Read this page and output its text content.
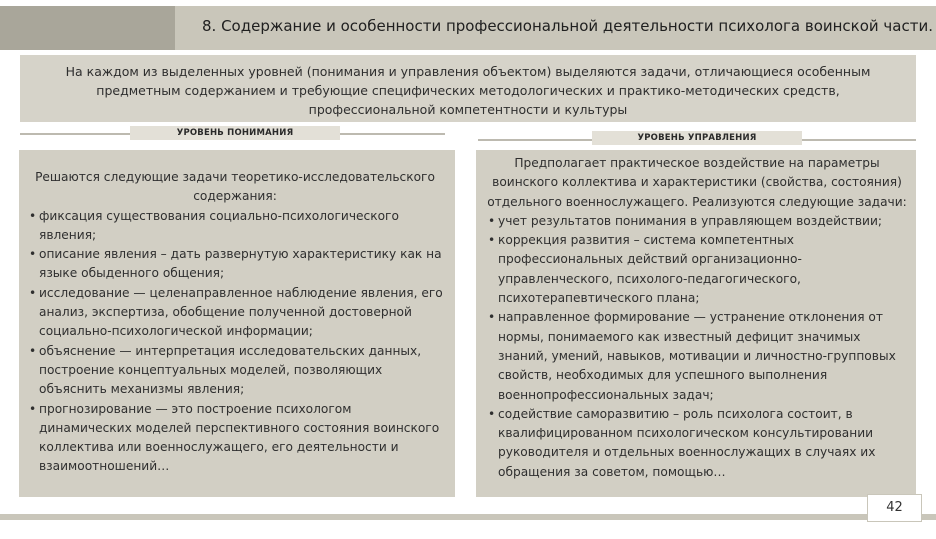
8. Содержание и особенности профессиональной деятельности психолога воинской части.

На каждом из выделенных уровней (понимания и управления объектом) выделяются задачи, отличающиеся особенным

предметным содержанием и требующие специфических методологических и практико-методических средств,

профессиональной компетентности и культуры

УРОВЕНЬ ПОНИМАНИЯ	УРОВЕНЬ УПРАВЛЕНИЯ

Решаются следующие задачи теоретико-исследовательского содержания:

• фиксация существования социально-психологического явления;
• описание явления – дать развернутую характеристику как на языке обыденного общения;
• исследование — целенаправленное наблюдение явления, его анализ, экспертиза, обобщение полученной достоверной социально-психологической информации;
• объяснение — интерпретация исследовательских данных, построение концептуальных моделей, позволяющих объяснить механизмы явления;
• прогнозирование — это построение психологом динамических моделей перспективного состояния воинского коллектива или военнослужащего, его деятельности и взаимоотношений…

Предполагает практическое воздействие на параметры воинского коллектива и характеристики (свойства, состояния) отдельного военнослужащего. Реализуются следующие задачи:

• учет результатов понимания в управляющем воздействии;
• коррекция развития – система компетентных профессиональных действий организационно-управленческого, психолого-педагогического, психотерапевтического плана;
• направленное формирование — устранение отклонения от нормы, понимаемого как известный дефицит значимых знаний, умений, навыков, мотивации и личностно-групповых свойств, необходимых для успешного выполнения военнопрофессиональных задач;
• содействие саморазвитию – роль психолога состоит, в квалифицированном психологическом консультировании руководителя и отдельных военнослужащих в случаях их обращения за советом, помощью…
42
